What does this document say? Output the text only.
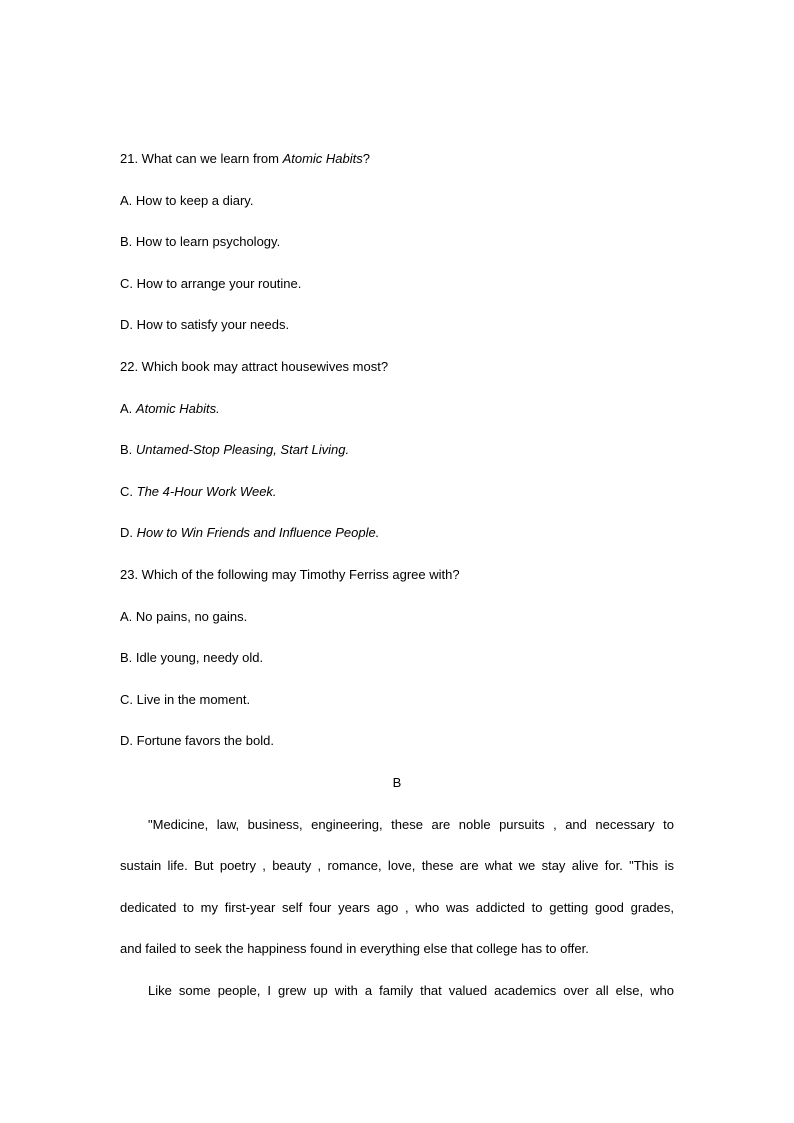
21. What can we learn from Atomic Habits?
A. How to keep a diary.
B. How to learn psychology.
C. How to arrange your routine.
D. How to satisfy your needs.
22. Which book may attract housewives most?
A. Atomic Habits.
B. Untamed-Stop Pleasing, Start Living.
C. The 4-Hour Work Week.
D. How to Win Friends and Influence People.
23. Which of the following may Timothy Ferriss agree with?
A. No pains, no gains.
B. Idle young, needy old.
C. Live in the moment.
D. Fortune favors the bold.
B
"Medicine, law, business, engineering, these are noble pursuits , and necessary to
sustain life. But poetry , beauty , romance, love, these are what we stay alive for. "This is
dedicated to my first-year self four years ago , who was addicted to getting good grades,
and failed to seek the happiness found in everything else that college has to offer.
Like some people, I grew up with a family that valued academics over all else, who
